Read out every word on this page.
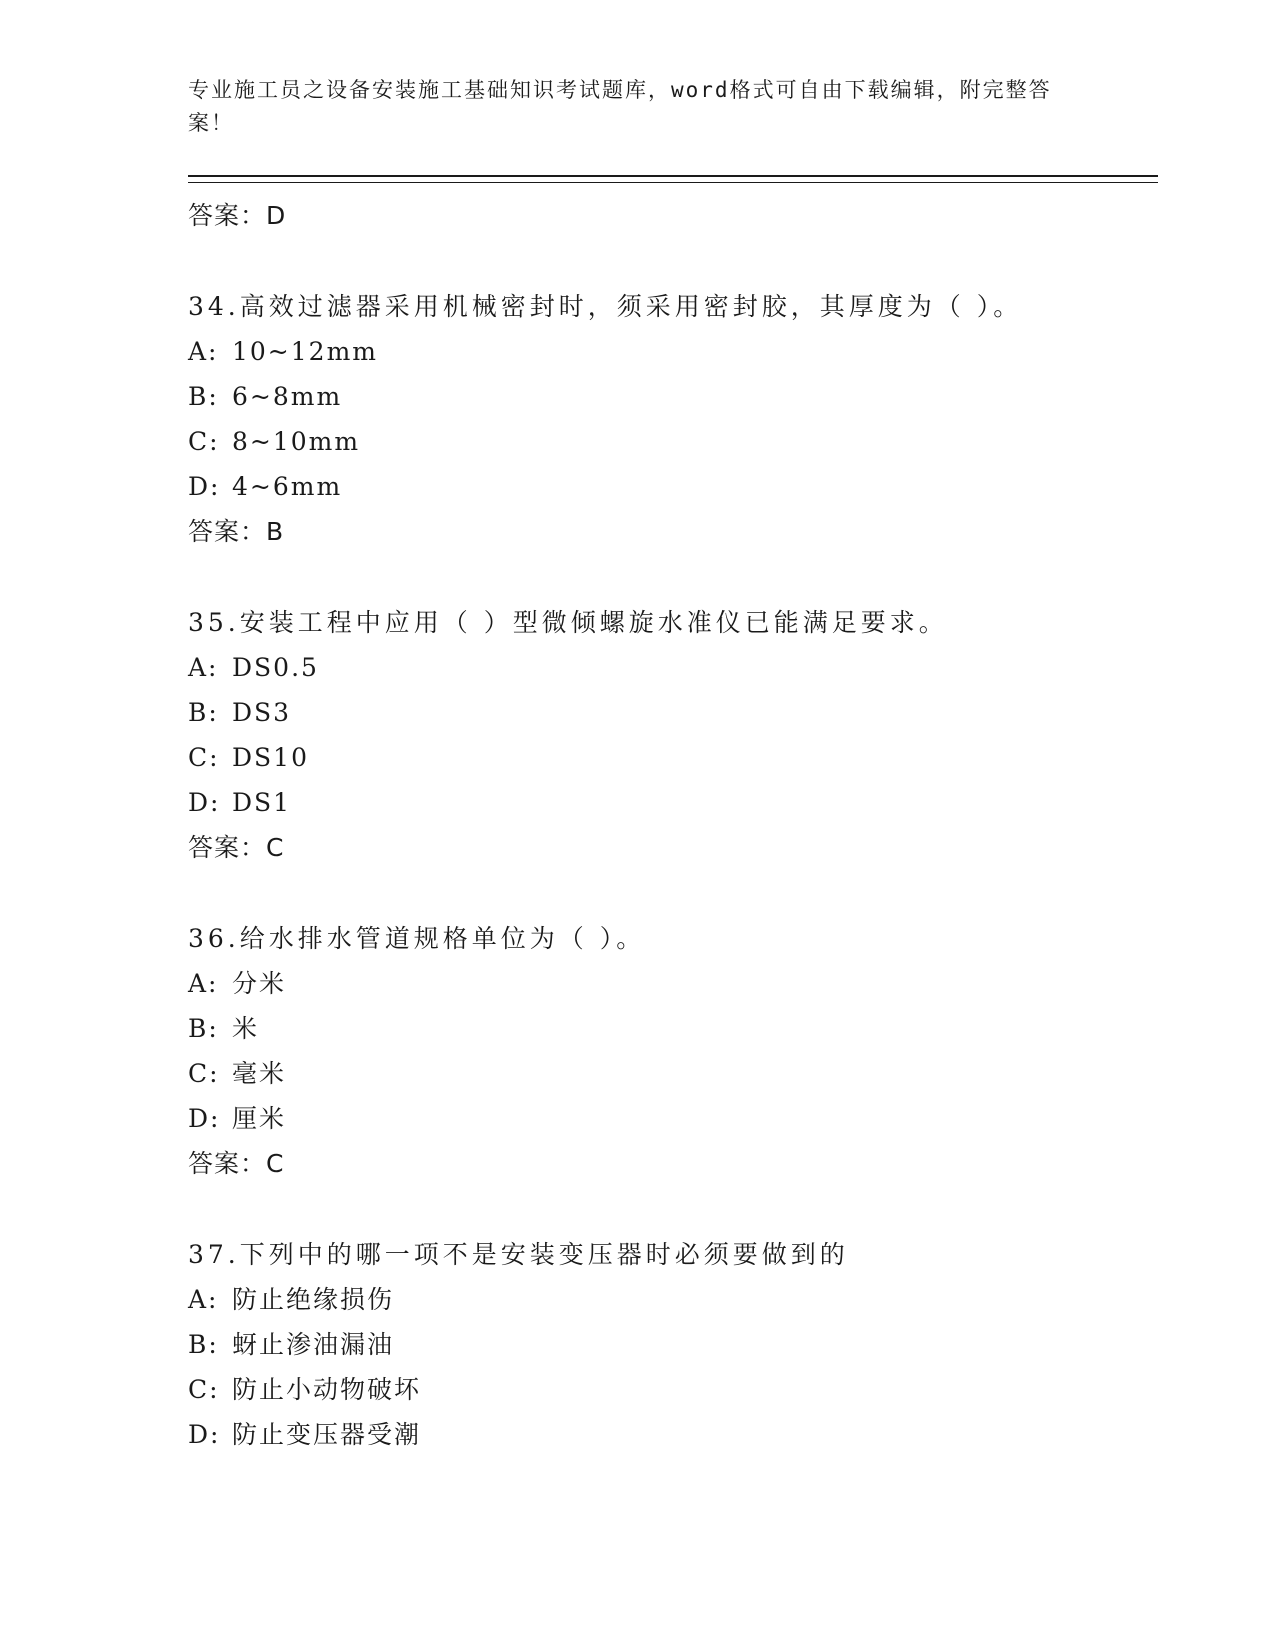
专业施工员之设备安装施工基础知识考试题库，word格式可自由下载编辑，附完整答案！

答案：D
34.高效过滤器采用机械密封时，须采用密封胶，其厚度为（ ）。
A: 10~12mm
B: 6~8mm
C: 8~10mm
D: 4~6mm
答案：B
35.安装工程中应用（ ）型微倾螺旋水准仪已能满足要求。
A: DS0.5
B: DS3
C: DS10
D: DS1
答案：C
36.给水排水管道规格单位为（ ）。
A: 分米
B: 米
C: 毫米
D: 厘米
答案：C
37.下列中的哪一项不是安装变压器时必须要做到的
A: 防止绝缘损伤
B: 蚜止渗油漏油
C: 防止小动物破坏
D: 防止变压器受潮
